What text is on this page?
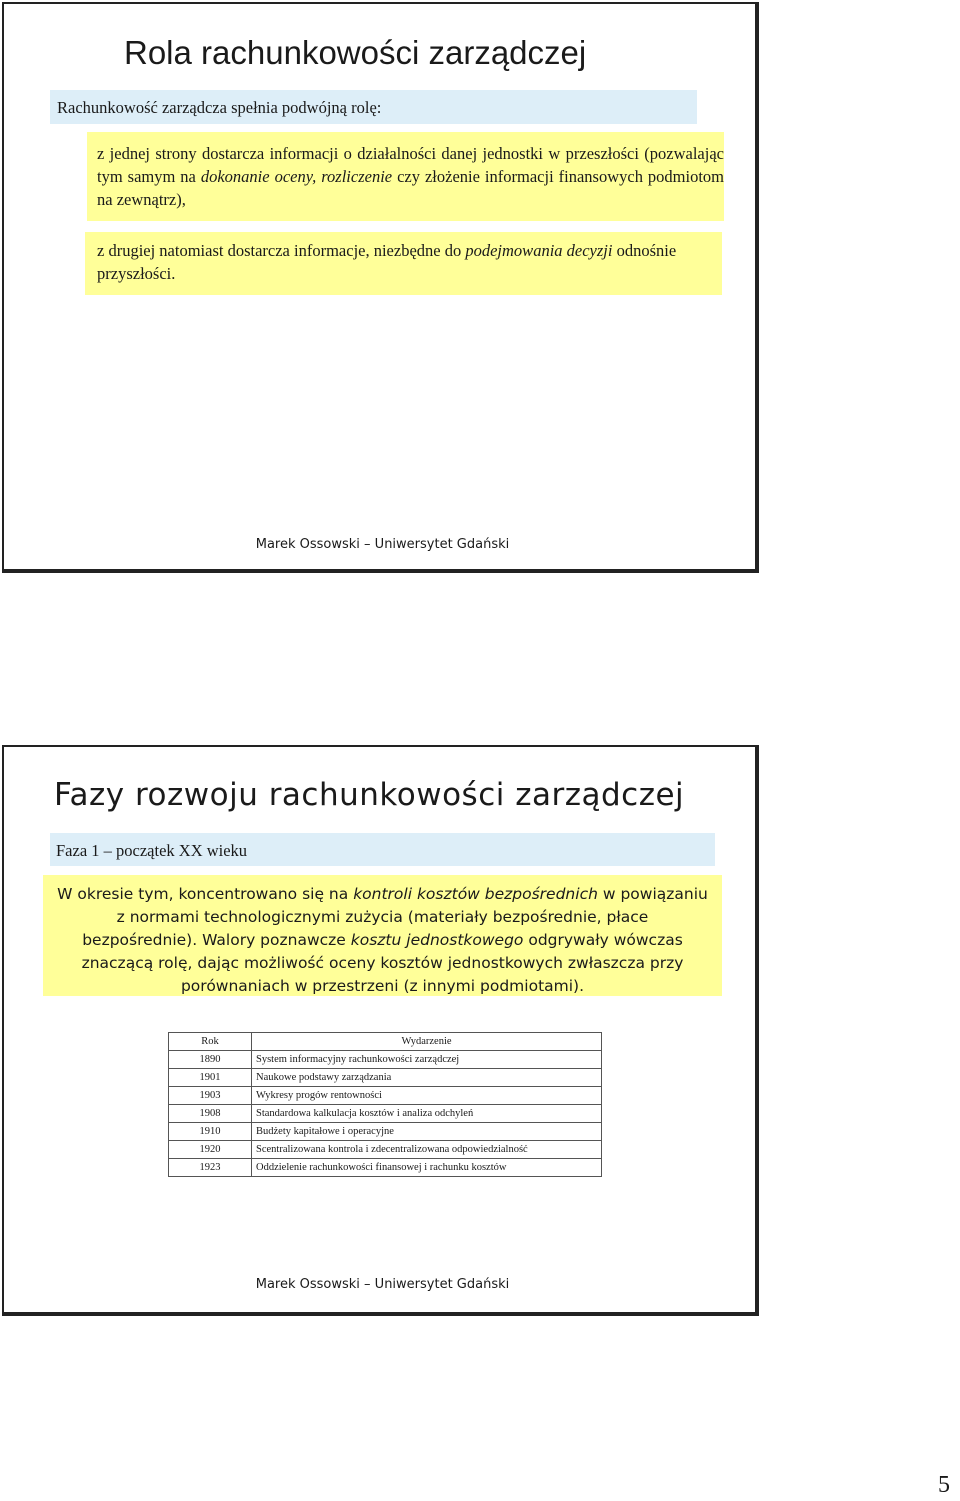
Rola rachunkowości zarządczej
Rachunkowość zarządcza spełnia podwójną rolę:
z jednej strony dostarcza informacji o działalności danej jednostki w przeszłości (pozwalając tym samym na dokonanie oceny, rozliczenie czy złożenie informacji finansowych podmiotom na zewnątrz),
z drugiej natomiast dostarcza informacje, niezbędne do podejmowania decyzji odnośnie przyszłości.
Marek Ossowski – Uniwersytet Gdański
Fazy rozwoju rachunkowości zarządczej
Faza 1 – początek XX wieku
W okresie tym, koncentrowano się na kontroli kosztów bezpośrednich w powiązaniu z normami technologicznymi zużycia (materiały bezpośrednie, płace bezpośrednie). Walory poznawcze kosztu jednostkowego odgrywały wówczas znaczącą rolę, dając możliwość oceny kosztów jednostkowych zwłaszcza przy porównaniach w przestrzeni (z innymi podmiotami).
Rok	Wydarzenie
1890	System informacyjny rachunkowości zarządczej
1901	Naukowe podstawy zarządzania
1903	Wykresy progów rentowności
1908	Standardowa kalkulacja kosztów i analiza odchyleń
1910	Budżety kapitałowe i operacyjne
1920	Scentralizowana kontrola i zdecentralizowana odpowiedzialność
1923	Oddzielenie rachunkowości finansowej i rachunku kosztów
Marek Ossowski – Uniwersytet Gdański
5
